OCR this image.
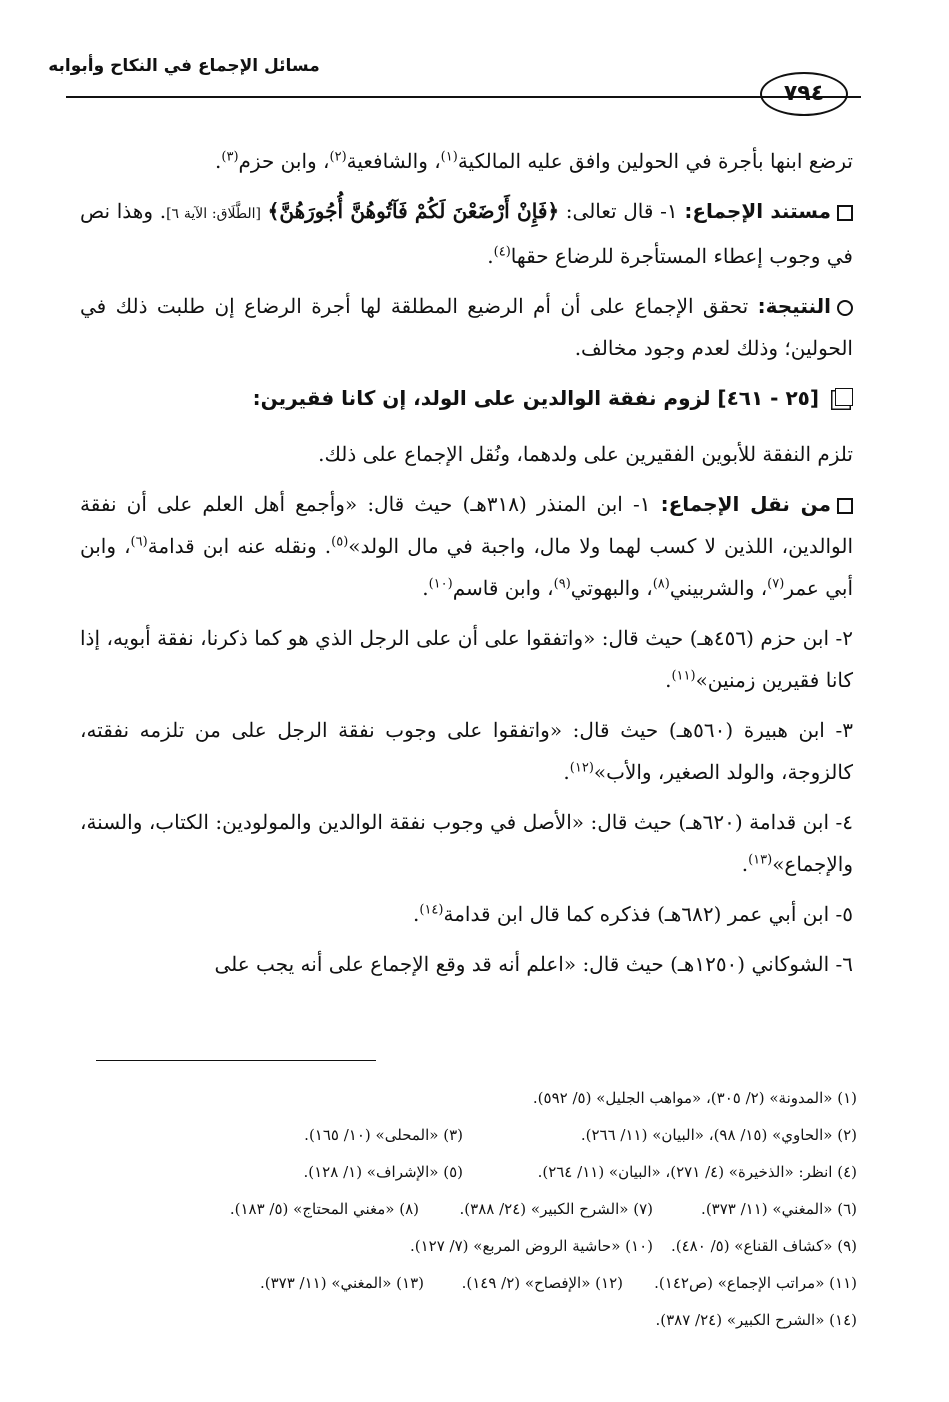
مسائل الإجماع في النكاح وأبوابه
٧٩٤

ترضع ابنها بأجرة في الحولين وافق عليه المالكية$^{(١)}$، والشافعية$^{(٢)}$، وابن حزم$^{(٣)}$.

مستند الإجماع: ١- قال تعالى: ﴿فَإِنْ أَرْضَعْنَ لَكُمْ فَآتُوهُنَّ أُجُورَهُنَّ﴾ [الطَّلَاق: الآية ٦]. وهذا نص في وجوب إعطاء المستأجرة للرضاع حقها$^{(٤)}$.

النتيجة: تحقق الإجماع على أن أم الرضيع المطلقة لها أجرة الرضاع إن طلبت ذلك في الحولين؛ وذلك لعدم وجود مخالف.

[٢٥ - ٤٦١] لزوم نفقة الوالدين على الولد، إن كانا فقيرين:

تلزم النفقة للأبوين الفقيرين على ولدهما، ونُقل الإجماع على ذلك.

من نقل الإجماع: ١- ابن المنذر (٣١٨هـ) حيث قال: «وأجمع أهل العلم على أن نفقة الوالدين، اللذين لا كسب لهما ولا مال، واجبة في مال الولد»$^{(٥)}$. ونقله عنه ابن قدامة$^{(٦)}$، وابن أبي عمر$^{(٧)}$، والشربيني$^{(٨)}$، والبهوتي$^{(٩)}$، وابن قاسم$^{(١٠)}$.

٢- ابن حزم (٤٥٦هـ) حيث قال: «واتفقوا على أن على الرجل الذي هو كما ذكرنا، نفقة أبويه، إذا كانا فقيرين زمنين»$^{(١١)}$.

٣- ابن هبيرة (٥٦٠هـ) حيث قال: «واتفقوا على وجوب نفقة الرجل على من تلزمه نفقته، كالزوجة، والولد الصغير، والأب»$^{(١٢)}$.

٤- ابن قدامة (٦٢٠هـ) حيث قال: «الأصل في وجوب نفقة الوالدين والمولودين: الكتاب، والسنة، والإجماع»$^{(١٣)}$.

٥- ابن أبي عمر (٦٨٢هـ) فذكره كما قال ابن قدامة$^{(١٤)}$.

٦- الشوكاني (١٢٥٠هـ) حيث قال: «اعلم أنه قد وقع الإجماع على أنه يجب على

(١) «المدونة» (٢/ ٣٠٥)، «مواهب الجليل» (٥/ ٥٩٢).
(٢) «الحاوي» (١٥/ ٩٨)، «البيان» (١١/ ٢٦٦).
(٣) «المحلى» (١٠/ ١٦٥).
(٤) انظر: «الذخيرة» (٤/ ٢٧١)، «البيان» (١١/ ٢٦٤).
(٥) «الإشراف» (١/ ١٢٨).
(٦) «المغني» (١١/ ٣٧٣).
(٧) «الشرح الكبير» (٢٤/ ٣٨٨).
(٨) «مغني المحتاج» (٥/ ١٨٣).
(٩) «كشاف القناع» (٥/ ٤٨٠).
(١٠) «حاشية الروض المربع» (٧/ ١٢٧).
(١١) «مراتب الإجماع» (ص١٤٢).
(١٢) «الإفصاح» (٢/ ١٤٩).
(١٣) «المغني» (١١/ ٣٧٣).
(١٤) «الشرح الكبير» (٢٤/ ٣٨٧).
